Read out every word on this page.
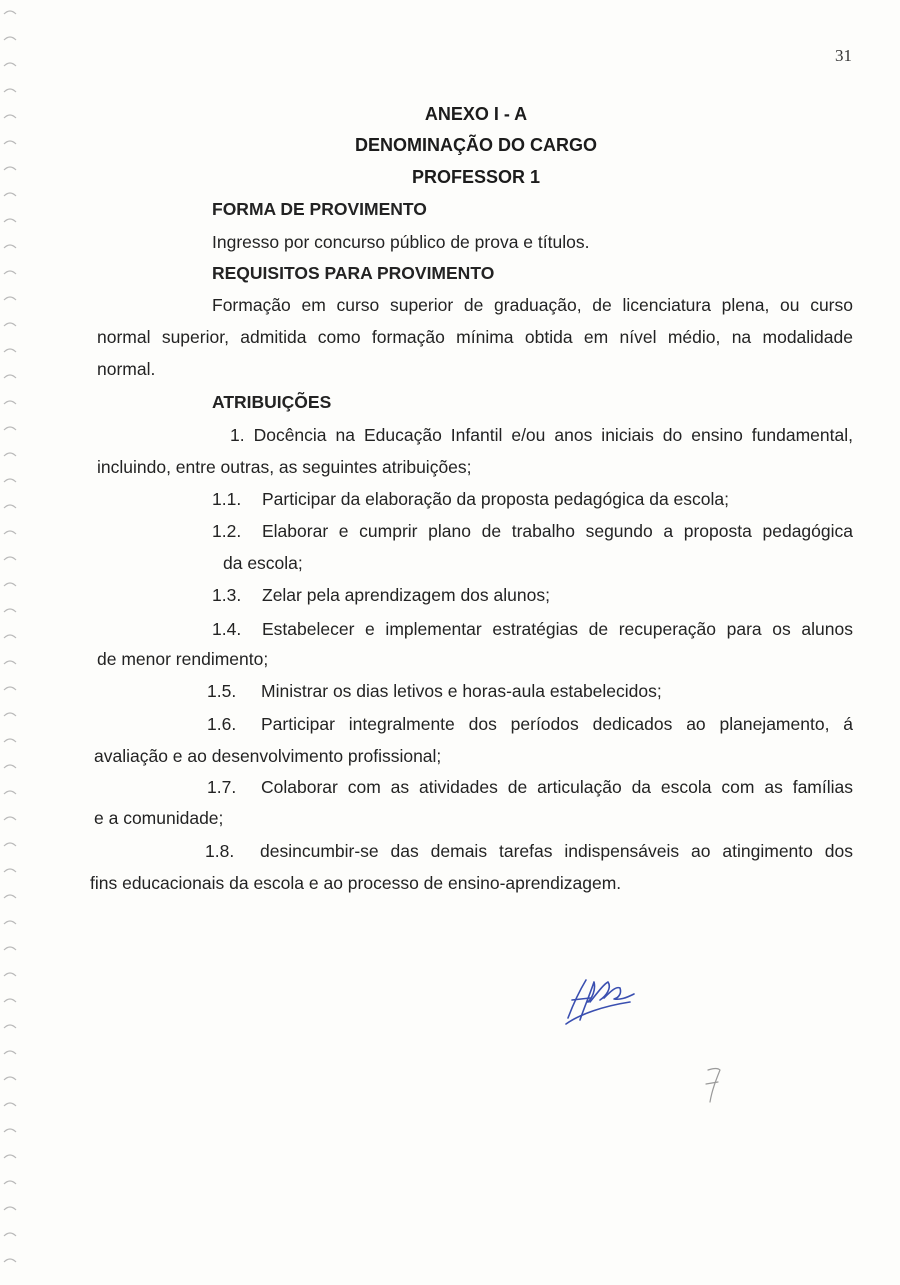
31
ANEXO I - A
DENOMINAÇÃO DO CARGO
PROFESSOR 1
FORMA DE PROVIMENTO
Ingresso por concurso público de prova e títulos.
REQUISITOS PARA PROVIMENTO
Formação em curso superior de graduação, de licenciatura plena, ou curso
normal superior, admitida como formação mínima obtida em nível médio, na modalidade
normal.
ATRIBUIÇÕES
1. Docência na Educação Infantil e/ou anos iniciais do ensino fundamental,
incluindo, entre outras, as seguintes atribuições;
1.1. Participar da elaboração da proposta pedagógica da escola;
1.2. Elaborar e cumprir plano de trabalho segundo a proposta pedagógica
da escola;
1.3. Zelar pela aprendizagem dos alunos;
1.4. Estabelecer e implementar estratégias de recuperação para os alunos
de menor rendimento;
1.5. Ministrar os dias letivos e horas-aula estabelecidos;
1.6. Participar integralmente dos períodos dedicados ao planejamento, á
avaliação e ao desenvolvimento profissional;
1.7. Colaborar com as atividades de articulação da escola com as famílias
e a comunidade;
1.8. desincumbir-se das demais tarefas indispensáveis ao atingimento dos
fins educacionais da escola e ao processo de ensino-aprendizagem.
